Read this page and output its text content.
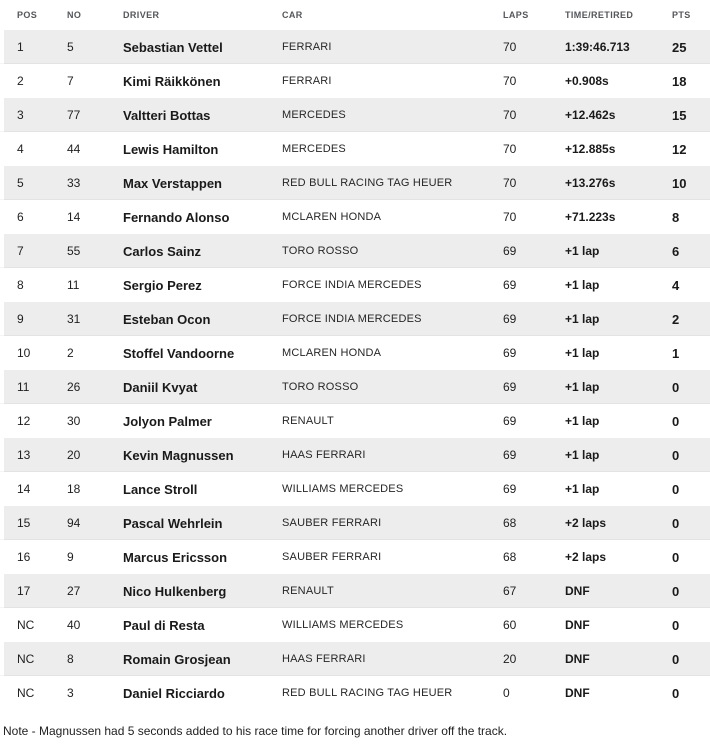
POS	NO	DRIVER	CAR	LAPS	TIME/RETIRED	PTS
1	5	Sebastian Vettel	FERRARI	70	1:39:46.713	25
2	7	Kimi Räikkönen	FERRARI	70	+0.908s	18
3	77	Valtteri Bottas	MERCEDES	70	+12.462s	15
4	44	Lewis Hamilton	MERCEDES	70	+12.885s	12
5	33	Max Verstappen	RED BULL RACING TAG HEUER	70	+13.276s	10
6	14	Fernando Alonso	MCLAREN HONDA	70	+71.223s	8
7	55	Carlos Sainz	TORO ROSSO	69	+1 lap	6
8	11	Sergio Perez	FORCE INDIA MERCEDES	69	+1 lap	4
9	31	Esteban Ocon	FORCE INDIA MERCEDES	69	+1 lap	2
10	2	Stoffel Vandoorne	MCLAREN HONDA	69	+1 lap	1
11	26	Daniil Kvyat	TORO ROSSO	69	+1 lap	0
12	30	Jolyon Palmer	RENAULT	69	+1 lap	0
13	20	Kevin Magnussen	HAAS FERRARI	69	+1 lap	0
14	18	Lance Stroll	WILLIAMS MERCEDES	69	+1 lap	0
15	94	Pascal Wehrlein	SAUBER FERRARI	68	+2 laps	0
16	9	Marcus Ericsson	SAUBER FERRARI	68	+2 laps	0
17	27	Nico Hulkenberg	RENAULT	67	DNF	0
NC	40	Paul di Resta	WILLIAMS MERCEDES	60	DNF	0
NC	8	Romain Grosjean	HAAS FERRARI	20	DNF	0
NC	3	Daniel Ricciardo	RED BULL RACING TAG HEUER	0	DNF	0
Note - Magnussen had 5 seconds added to his race time for forcing another driver off the track.
